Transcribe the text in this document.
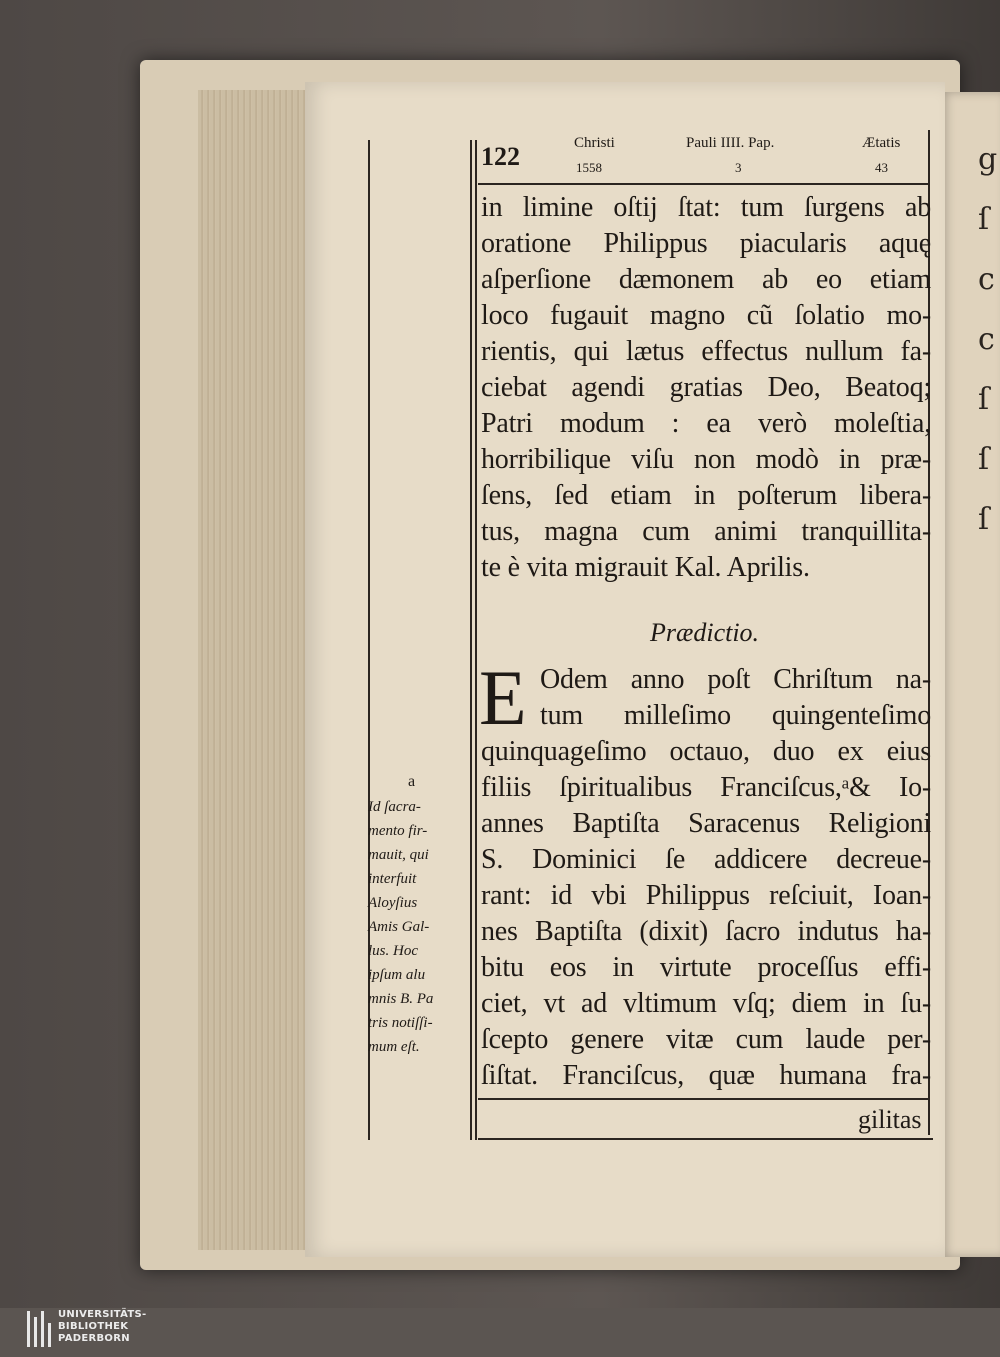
g
ſ
c
c
ſ
ſ
ſ
122	Christi
1558
Pauli IIII. Pap.
3
Ætatis
43
in limine oſtij ſtat: tum ſurgens ab
oratione Philippus piacularis aquę
aſperſione dæmonem ab eo etiam
loco fugauit magno cũ ſolatio mo-
rientis, qui lætus effectus nullum fa-
ciebat agendi gratias Deo, Beatoq;
Patri modum : ea verò moleſtia,
horribilique viſu non modò in præ-
ſens, ſed etiam in poſterum libera-
tus, magna cum animi tranquillita-
te è vita migrauit Kal. Aprilis.
Prædictio.
E Odem anno poſt Chriſtum na-
tum milleſimo quingenteſimo
quinquageſimo octauo, duo ex eius
filiis ſpiritualibus Franciſcus,ᵃ& Io-
annes Baptiſta Saracenus Religioni
S. Dominici ſe addicere decreue-
rant: id vbi Philippus reſciuit, Ioan-
nes Baptiſta (dixit) ſacro indutus ha-
bitu eos in virtute proceſſus effi-
ciet, vt ad vltimum vſq; diem in ſu-
ſcepto genere vitæ cum laude per-
ſiſtat. Franciſcus, quæ humana fra-
gilitas
a
Id ſacra-
mento fir-
mauit, qui
interfuit
Aloyſius
Amis Gal-
lus. Hoc
ipſum alu
mnis B. Pa
tris notiſſi-
mum eſt.
UNIVERSITÄTS-
BIBLIOTHEK
PADERBORN
